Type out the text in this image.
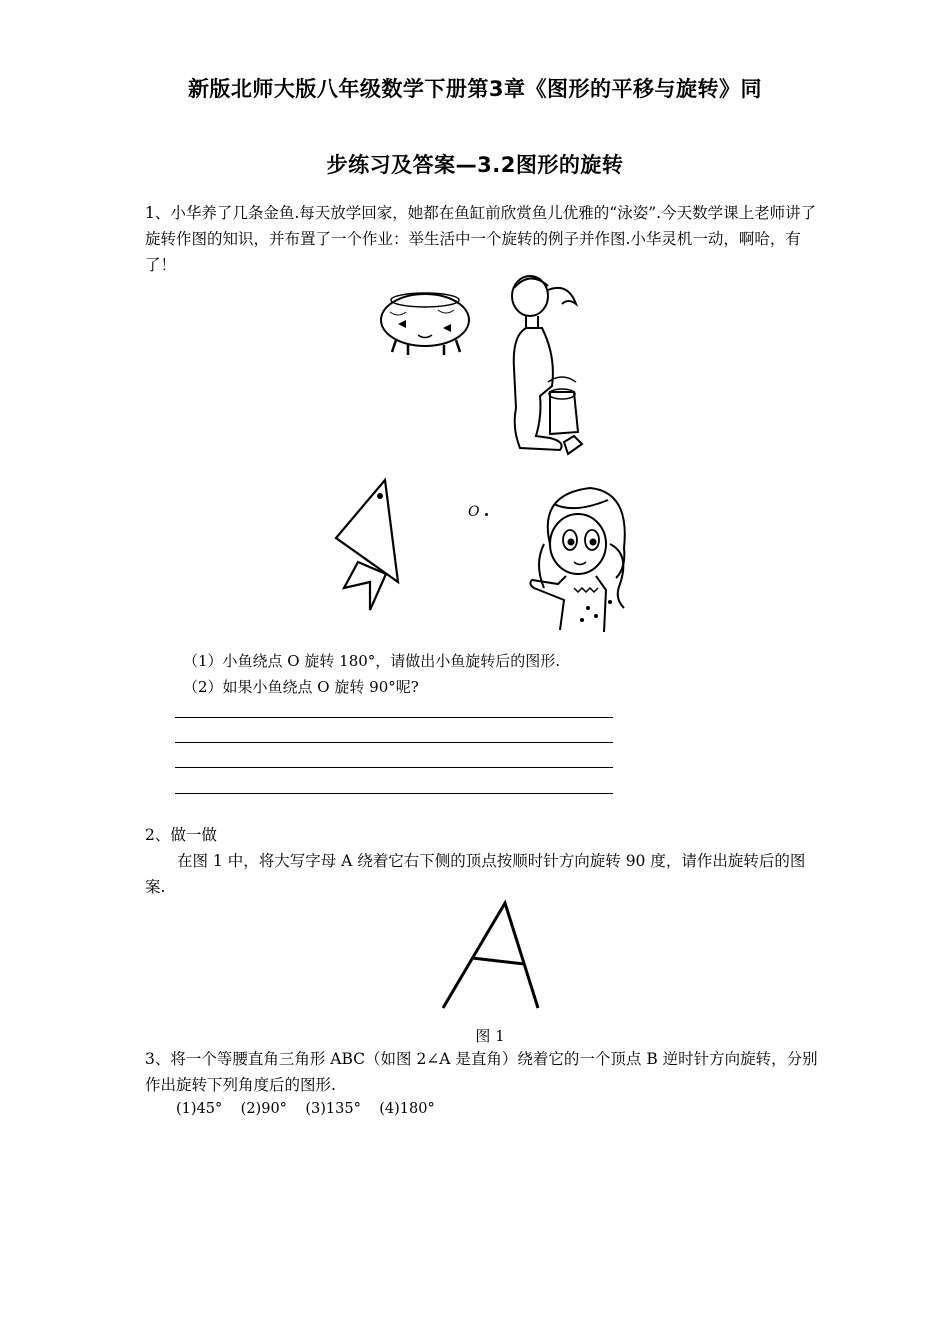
新版北师大版八年级数学下册第3章《图形的平移与旋转》同
步练习及答案—3.2图形的旋转
1、小华养了几条金鱼.每天放学回家，她都在鱼缸前欣赏鱼儿优雅的“泳姿”.今天数学课上老师讲了旋转作图的知识，并布置了一个作业：举生活中一个旋转的例子并作图.小华灵机一动，啊哈，有了！
O
（1）小鱼绕点 O 旋转 180°，请做出小鱼旋转后的图形.
（2）如果小鱼绕点 O 旋转 90°呢?
2、做一做
在图 1 中，将大写字母 A 绕着它右下侧的顶点按顺时针方向旋转 90 度，请作出旋转后的图案.
图 1
3、将一个等腰直角三角形 ABC（如图 2∠A 是直角）绕着它的一个顶点 B 逆时针方向旋转，分别作出旋转下列角度后的图形.
(1)45°    (2)90°    (3)135°    (4)180°
